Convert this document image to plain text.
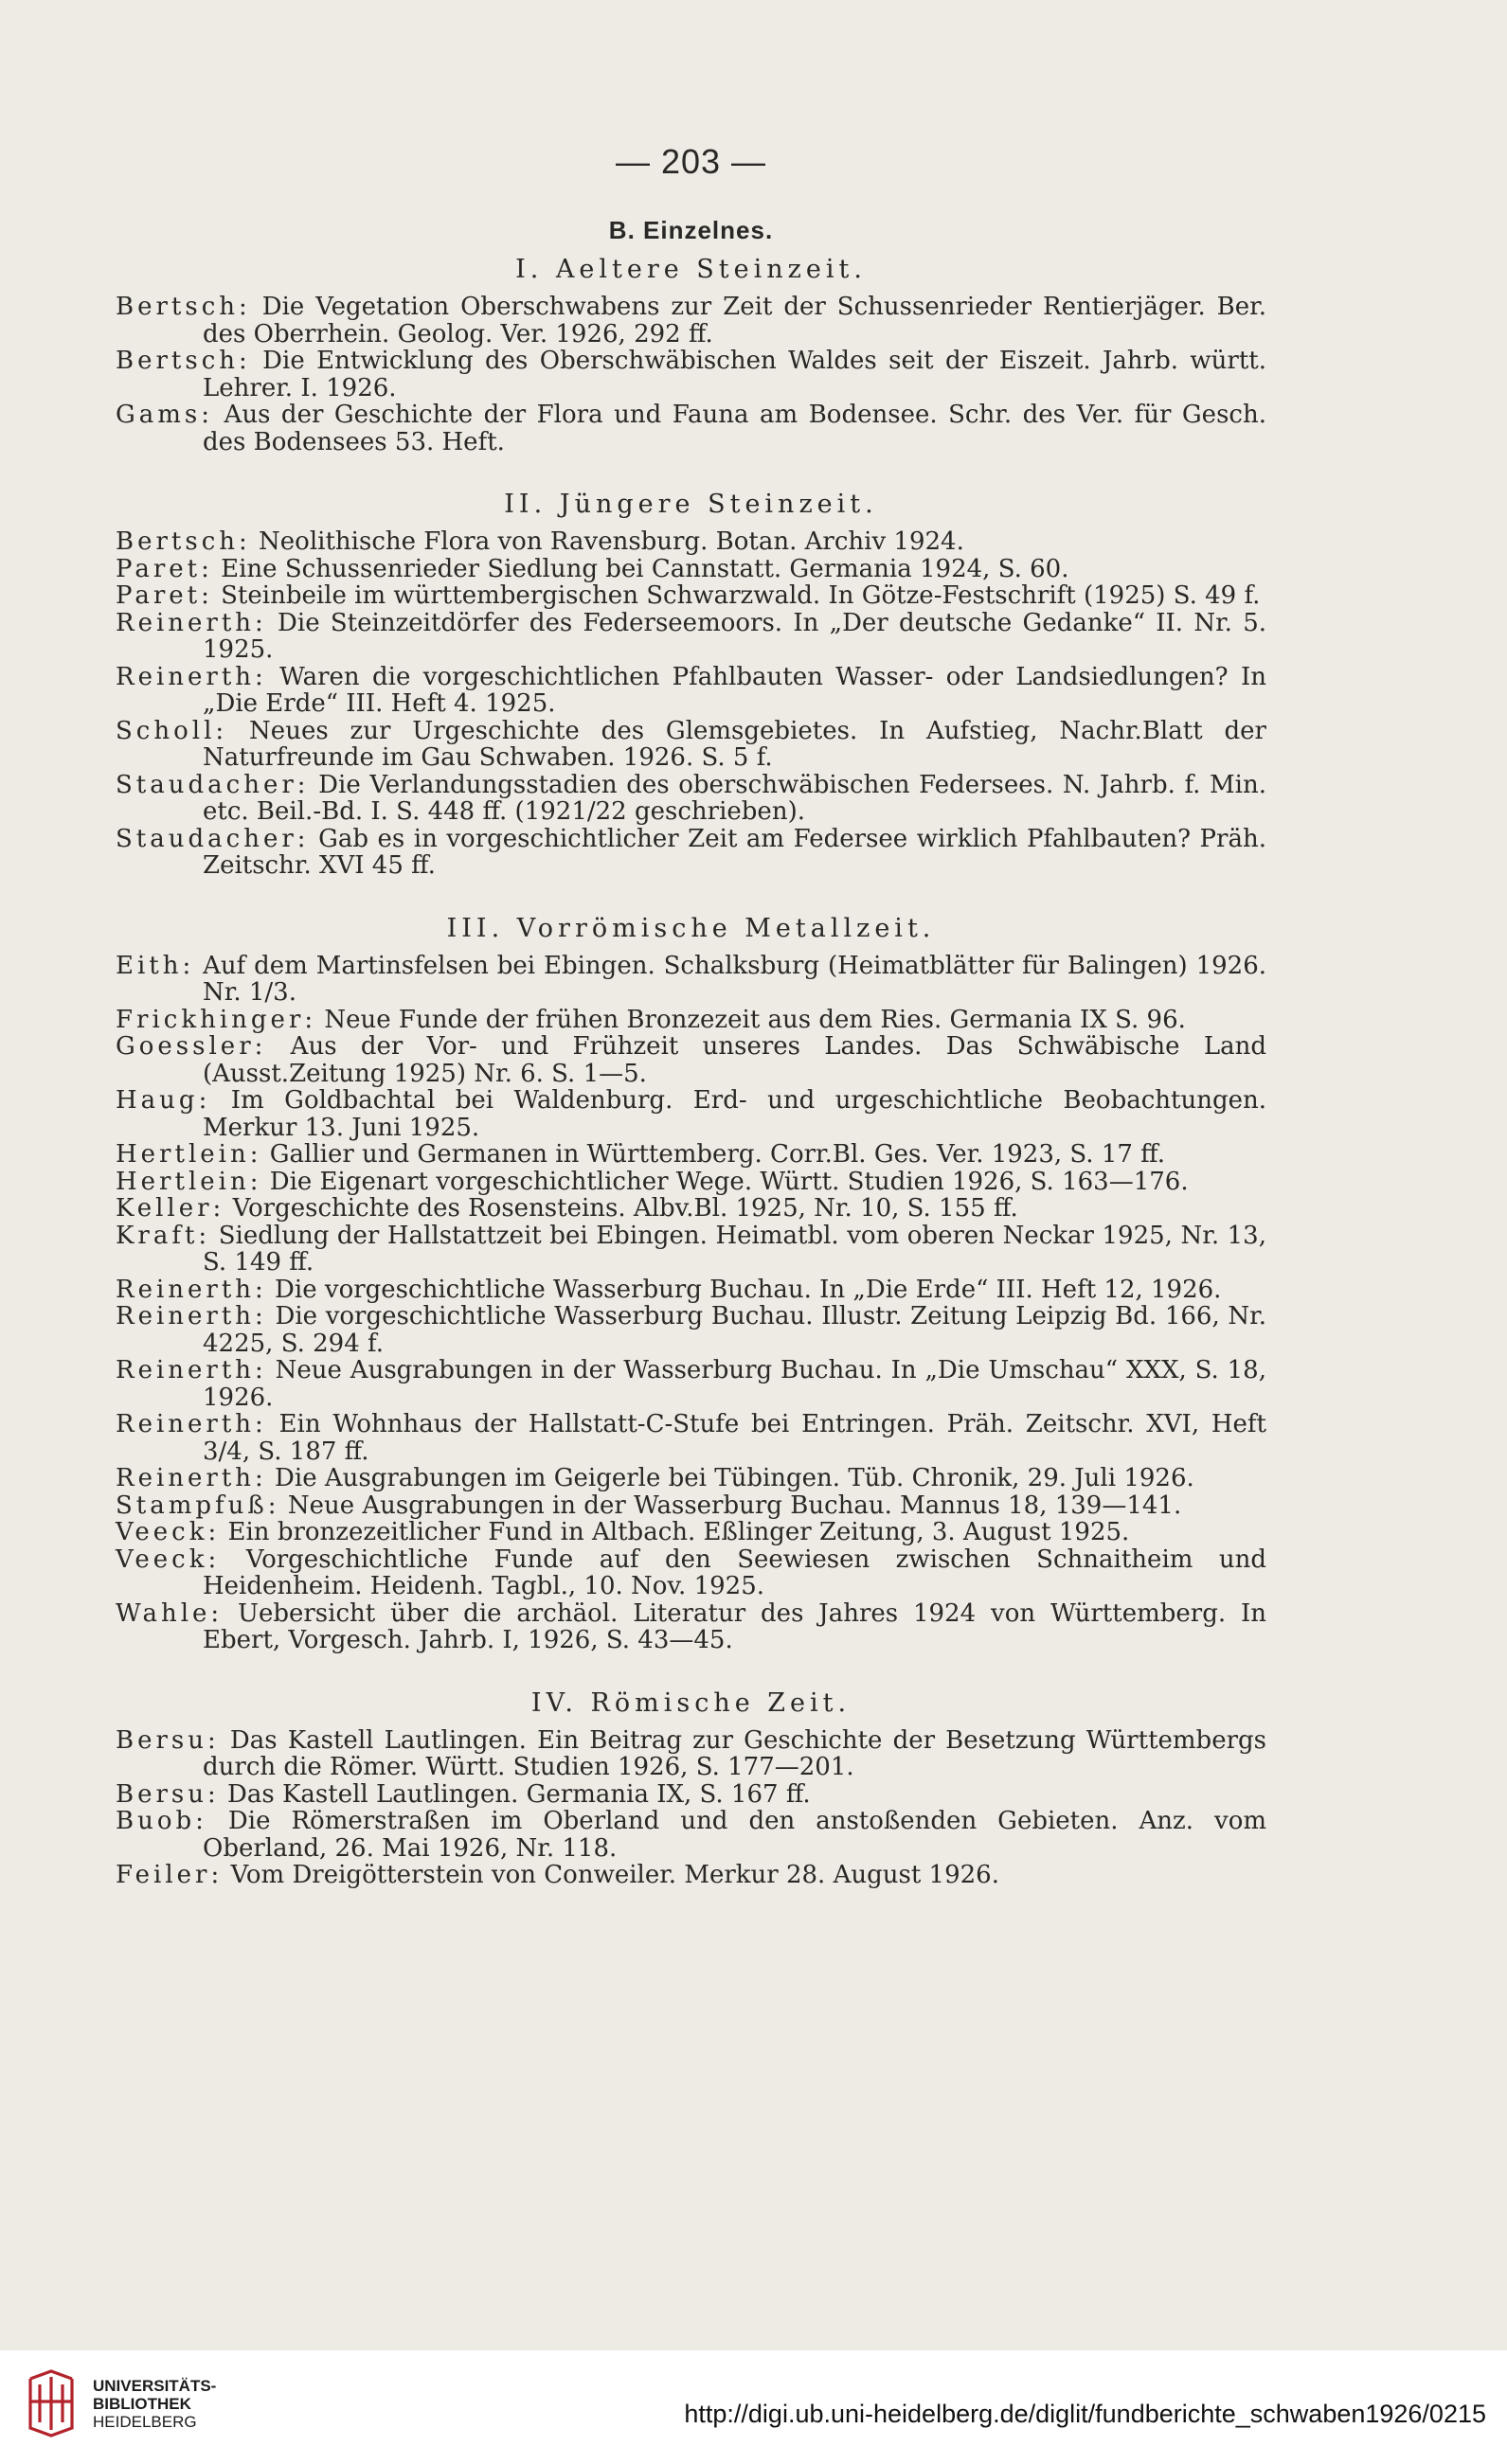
— 203 —
B. Einzelnes.
I. Aeltere Steinzeit.

Bertsch: Die Vegetation Oberschwabens zur Zeit der Schussenrieder Rentierjäger. Ber. des Oberrhein. Geolog. Ver. 1926, 292 ff.

Bertsch: Die Entwicklung des Oberschwäbischen Waldes seit der Eiszeit. Jahrb. württ. Lehrer. I. 1926.

Gams: Aus der Geschichte der Flora und Fauna am Bodensee. Schr. des Ver. für Gesch. des Bodensees 53. Heft.

II. Jüngere Steinzeit.

Bertsch: Neolithische Flora von Ravensburg. Botan. Archiv 1924.

Paret: Eine Schussenrieder Siedlung bei Cannstatt. Germania 1924, S. 60.

Paret: Steinbeile im württembergischen Schwarzwald. In Götze-Festschrift (1925) S. 49 f.

Reinerth: Die Steinzeitdörfer des Federseemoors. In „Der deutsche Gedanke“ II. Nr. 5. 1925.

Reinerth: Waren die vorgeschichtlichen Pfahlbauten Wasser- oder Landsiedlungen? In „Die Erde“ III. Heft 4. 1925.

Scholl: Neues zur Urgeschichte des Glemsgebietes. In Aufstieg, Nachr.Blatt der Naturfreunde im Gau Schwaben. 1926. S. 5 f.

Staudacher: Die Verlandungsstadien des oberschwäbischen Federsees. N. Jahrb. f. Min. etc. Beil.-Bd. I. S. 448 ff. (1921/22 geschrieben).

Staudacher: Gab es in vorgeschichtlicher Zeit am Federsee wirklich Pfahlbauten? Präh. Zeitschr. XVI 45 ff.

III. Vorrömische Metallzeit.

Eith: Auf dem Martinsfelsen bei Ebingen. Schalksburg (Heimatblätter für Balingen) 1926. Nr. 1/3.

Frickhinger: Neue Funde der frühen Bronzezeit aus dem Ries. Germania IX S. 96.

Goessler: Aus der Vor- und Frühzeit unseres Landes. Das Schwäbische Land (Ausst.Zeitung 1925) Nr. 6. S. 1—5.

Haug: Im Goldbachtal bei Waldenburg. Erd- und urgeschichtliche Beobachtungen. Merkur 13. Juni 1925.

Hertlein: Gallier und Germanen in Württemberg. Corr.Bl. Ges. Ver. 1923, S. 17 ff.

Hertlein: Die Eigenart vorgeschichtlicher Wege. Württ. Studien 1926, S. 163—176.

Keller: Vorgeschichte des Rosensteins. Albv.Bl. 1925, Nr. 10, S. 155 ff.

Kraft: Siedlung der Hallstattzeit bei Ebingen. Heimatbl. vom oberen Neckar 1925, Nr. 13, S. 149 ff.

Reinerth: Die vorgeschichtliche Wasserburg Buchau. In „Die Erde“ III. Heft 12, 1926.

Reinerth: Die vorgeschichtliche Wasserburg Buchau. Illustr. Zeitung Leipzig Bd. 166, Nr. 4225, S. 294 f.

Reinerth: Neue Ausgrabungen in der Wasserburg Buchau. In „Die Umschau“ XXX, S. 18, 1926.

Reinerth: Ein Wohnhaus der Hallstatt-C-Stufe bei Entringen. Präh. Zeitschr. XVI, Heft 3/4, S. 187 ff.

Reinerth: Die Ausgrabungen im Geigerle bei Tübingen. Tüb. Chronik, 29. Juli 1926.

Stampfuß: Neue Ausgrabungen in der Wasserburg Buchau. Mannus 18, 139—141.

Veeck: Ein bronzezeitlicher Fund in Altbach. Eßlinger Zeitung, 3. August 1925.

Veeck: Vorgeschichtliche Funde auf den Seewiesen zwischen Schnaitheim und Heidenheim. Heidenh. Tagbl., 10. Nov. 1925.

Wahle: Uebersicht über die archäol. Literatur des Jahres 1924 von Württemberg. In Ebert, Vorgesch. Jahrb. I, 1926, S. 43—45.

IV. Römische Zeit.

Bersu: Das Kastell Lautlingen. Ein Beitrag zur Geschichte der Besetzung Württembergs durch die Römer. Württ. Studien 1926, S. 177—201.

Bersu: Das Kastell Lautlingen. Germania IX, S. 167 ff.

Buob: Die Römerstraßen im Oberland und den anstoßenden Gebieten. Anz. vom Oberland, 26. Mai 1926, Nr. 118.

Feiler: Vom Dreigötterstein von Conweiler. Merkur 28. August 1926.

UNIVERSITÄTS-
BIBLIOTHEK
HEIDELBERG	http://digi.ub.uni-heidelberg.de/diglit/fundberichte_schwaben1926/0215
